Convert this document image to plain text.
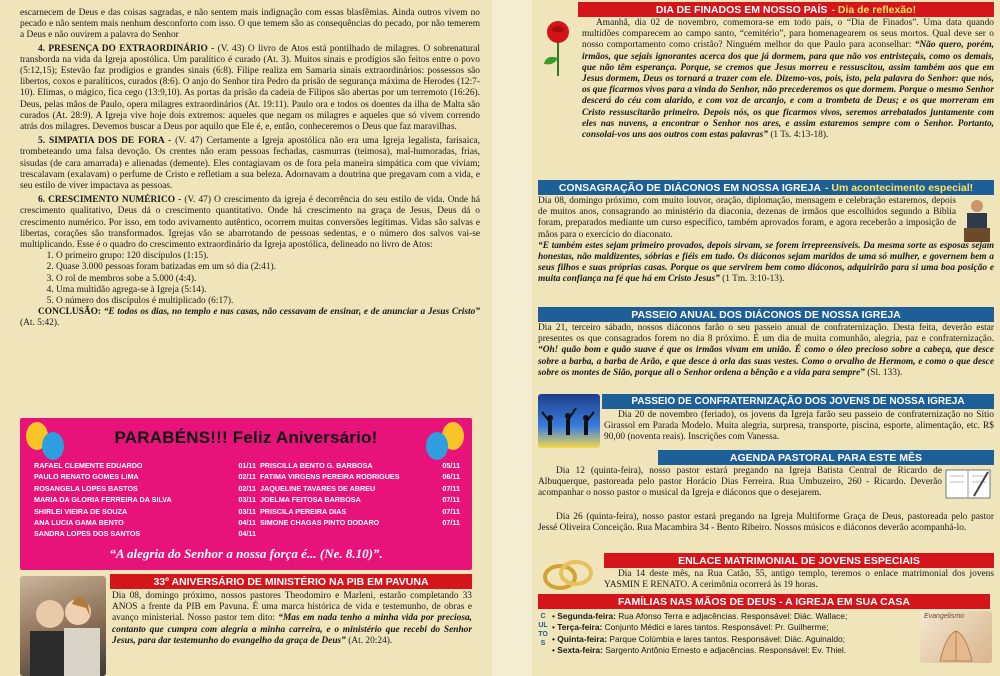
escarnecem de Deus e das coisas sagradas, e não sentem mais indignação com essas blasfêmias. Ainda outros vivem no pecado e não sentem mais nenhum desconforto com isso. O que temem são as consequências do pecado, por não temerem a Deus e não ouvirem a palavra do Senhor

4. PRESENÇA DO EXTRAORDINÁRIO - (V. 43) O livro de Atos está pontilhado de milagres. O sobrenatural transborda na vida da Igreja apostólica. Um paralítico é curado (At. 3). Muitos sinais e prodígios são feitos entre o povo (5:12,15); Estevão faz prodígios e grandes sinais (6:8). Filipe realiza em Samaria sinais extraordinários: possessos são libertos, coxos e paralíticos, curados (8:6). O anjo do Senhor tira Pedro da prisão de segurança máxima de Herodes (12:7-10). Elimas, o mágico, fica cego (13:9,10). As portas da prisão da cadeia de Filipos são abertas por um terremoto (16:26). Deus, pelas mãos de Paulo, opera milagres extraordinários (At. 19:11). Paulo ora e todos os doentes da ilha de Malta são curados (At. 28:9). A Igreja vive hoje dois extremos: aqueles que negam os milagres e aqueles que só vivem correndo atrás dos milagres. Devemos buscar a Deus por aquilo que Ele é, e, então, conheceremos o Deus que faz maravilhas.

5. SIMPATIA DOS DE FORA - (V. 47) Certamente a Igreja apostólica não era uma Igreja legalista, farisaica, trombeteando uma falsa devoção. Os crentes não eram pessoas fechadas, casmurras (teimosa), mal-humoradas, frias, sisudas (de cara amarrada) e alienadas (demente). Eles contagiavam os de fora pela maneira simpática com que viviam; trescalavam (exalavam) o perfume de Cristo e refletiam a sua beleza. Adornavam a doutrina que pregavam com a vida, e seu estilo de viver impactava as pessoas.

6. CRESCIMENTO NUMÉRICO - (V. 47) O crescimento da igreja é decorrência do seu estilo de vida. Onde há crescimento qualitativo, Deus dá o crescimento quantitativo. Onde há crescimento na graça de Jesus, Deus dá o crescimento numérico. Por isso, em todo avivamento autêntico, ocorrem muitas conversões legítimas. Vidas são salvas e libertas, corações são transformados. Igrejas vão se abarrotando de pessoas sedentas, e o número dos salvos vai-se multiplicando. Esse é o quadro do crescimento extraordinário da Igreja apostólica, delineado no livro de Atos:

1. O primeiro grupo: 120 discípulos (1:15).
2. Quase 3.000 pessoas foram batizadas em um só dia (2:41).
3. O rol de membros sobe a 5.000 (4:4).
4. Uma multidão agrega-se à Igreja (5:14).
5. O número dos discípulos é multiplicado (6:17).

CONCLUSÃO: “E todos os dias, no templo e nas casas, não cessavam de ensinar, e de anunciar a Jesus Cristo” (At. 5:42).

PARABÉNS!!! Feliz Aniversário!
RAFAEL CLEMENTE EDUARDO	01/11
PAULO RENATO GOMES LIMA	02/11
ROSANGELA LOPES BASTOS	02/11
MARIA DA GLORIA FERREIRA DA SILVA	03/11
SHIRLEI VIEIRA DE SOUZA	03/11
ANA LUCIA GAMA BENTO	04/11
SANDRA LOPES DOS SANTOS	04/11
PRISCILLA BENTO G. BARBOSA	05/11
FATIMA VIRGENS PEREIRA RODRIGUES	06/11
JAQUELINE TAVARES DE ABREU	07/11
JOELMA FEITOSA BARBOSA	07/11
PRISCILA PEREIRA DIAS	07/11
SIMONE CHAGAS PINTO DODARO	07/11
“A alegria do Senhor a nossa força é... (Ne. 8.10)”.
33º ANIVERSÁRIO DE MINISTÉRIO NA PIB EM PAVUNA

Dia 08, domingo próximo, nossos pastores Theodomiro e Marleni, estarão completando 33 ANOS a frente da PIB em Pavuna. É uma marca histórica de vida e testemunho, de obras e avanço ministerial. Nosso pastor tem dito: “Mas em nada tenho a minha vida por preciosa, contanto que cumpra com alegria a minha carreira, e o ministério que recebi do Senhor Jesus, para dar testemunho do evangelho da graça de Deus” (At. 20:24).

DIA DE FINADOS EM NOSSO PAÍS - Dia de reflexão!

Amanhã, dia 02 de novembro, comemora-se em todo país, o “Dia de Finados”. Uma data quando multidões comparecem ao campo santo, “cemitério”, para homenagearem os seus mortos. Qual deve ser o nosso comportamento como cristão? Ninguém melhor do que Paulo para aconselhar: “Não quero, porém, irmãos, que sejais ignorantes acerca dos que já dormem, para que não vos entristeçais, como os demais, que não têm esperança. Porque, se cremos que Jesus morreu e ressuscitou, assim também aos que em Jesus dormem, Deus os tornará a trazer com ele. Dizemo-vos, pois, isto, pela palavra do Senhor: que nós, os que ficarmos vivos para a vinda do Senhor, não precederemos os que dormem. Porque o mesmo Senhor descerá do céu com alarido, e com voz de arcanjo, e com a trombeta de Deus; e os que morreram em Cristo ressuscitarão primeiro. Depois nós, os que ficarmos vivos, seremos arrebatados juntamente com eles nas nuvens, a encontrar o Senhor nos ares, e assim estaremos sempre com o Senhor. Portanto, consolai-vos uns aos outros com estas palavras” (1 Ts. 4:13-18).

CONSAGRAÇÃO DE DIÁCONOS EM NOSSA IGREJA - Um acontecimento especial!

Dia 08, domingo próximo, com muito louvor, oração, diplomação, mensagem e celebração estaremos, depois de muitos anos, consagrando ao ministério da diaconia, dezenas de irmãos que escolhidos segundo a Bíblia foram, preparados mediante um curso específico, também aprovados foram, e agora receberão a imposição de mãos para o exercício do diaconato.
“E também estes sejam primeiro provados, depois sirvam, se forem irrepreensíveis. Da mesma sorte as esposas sejam honestas, não maldizentes, sóbrias e fiéis em tudo. Os diáconos sejam maridos de uma só mulher, e governem bem a seus filhos e suas próprias casas. Porque os que servirem bem como diáconos, adquirirão para si uma boa posição e muita confiança na fé que há em Cristo Jesus” (1 Tm. 3:10-13).

PASSEIO ANUAL DOS DIÁCONOS DE NOSSA IGREJA

Dia 21, terceiro sábado, nossos diáconos farão o seu passeio anual de confraternização. Desta feita, deverão estar presentes os que consagrados forem no dia 8 próximo. É um dia de muita comunhão, alegria, paz e confraternização. “Oh! quão bom e quão suave é que os irmãos vivam em união. É como o óleo precioso sobre a cabeça, que desce sobre a barba, a barba de Arão, e que desce à orla das suas vestes. Como o orvalho de Hermom, e como o que desce sobre os montes de Sião, porque ali o Senhor ordena a bênção e a vida para sempre” (Sl. 133).

PASSEIO DE CONFRATERNIZAÇÃO DOS JOVENS DE NOSSA IGREJA

Dia 20 de novembro (feriado), os jovens da Igreja farão seu passeio de confraternização no Sítio Girassol em Parada Modelo. Muita alegria, surpresa, transporte, piscina, esporte, alimentação, etc. R$ 90,00 (noventa reais). Inscrições com Vanessa.

AGENDA PASTORAL PARA ESTE MÊS

Dia 12 (quinta-feira), nosso pastor estará pregando na Igreja Batista Central de Ricardo de Albuquerque, pastoreada pelo pastor Horácio Dias Ferreira. Rua Umbuzeiro, 260 - Ricardo. Deverão acompanhar o nosso pastor o musical da Igreja e diáconos que o desejarem.

Dia 26 (quinta-feira), nosso pastor estará pregando na Igreja Multiforme Graça de Deus, pastoreada pelo pastor Jessé Oliveira Conceição. Rua Macambira 34 - Bento Ribeiro. Nossos músicos e diáconos deverão acompanhá-lo.

ENLACE MATRIMONIAL DE JOVENS ESPECIAIS

Dia 14 deste mês, na Rua Catão, 55, antigo templo, teremos o enlace matrimonial dos jovens YASMIN E RENATO. A cerimônia ocorrerá às 19 horas.

FAMÍLIAS NAS MÃOS DE DEUS - A IGREJA EM SUA CASA
CULTOS
• Segunda-feira: Rua Afonso Terra e adjacências. Responsável: Diác. Wallace;
• Terça-feira: Conjunto Médici e lares tantos. Responsável: Pr. Guilherme;
• Quinta-feira: Parque Colúmbia e lares tantos. Responsável: Diác. Aguinaldo;
• Sexta-feira: Sargento Antônio Ernesto e adjacências. Responsável: Ev. Thiel.
Evangelismo
